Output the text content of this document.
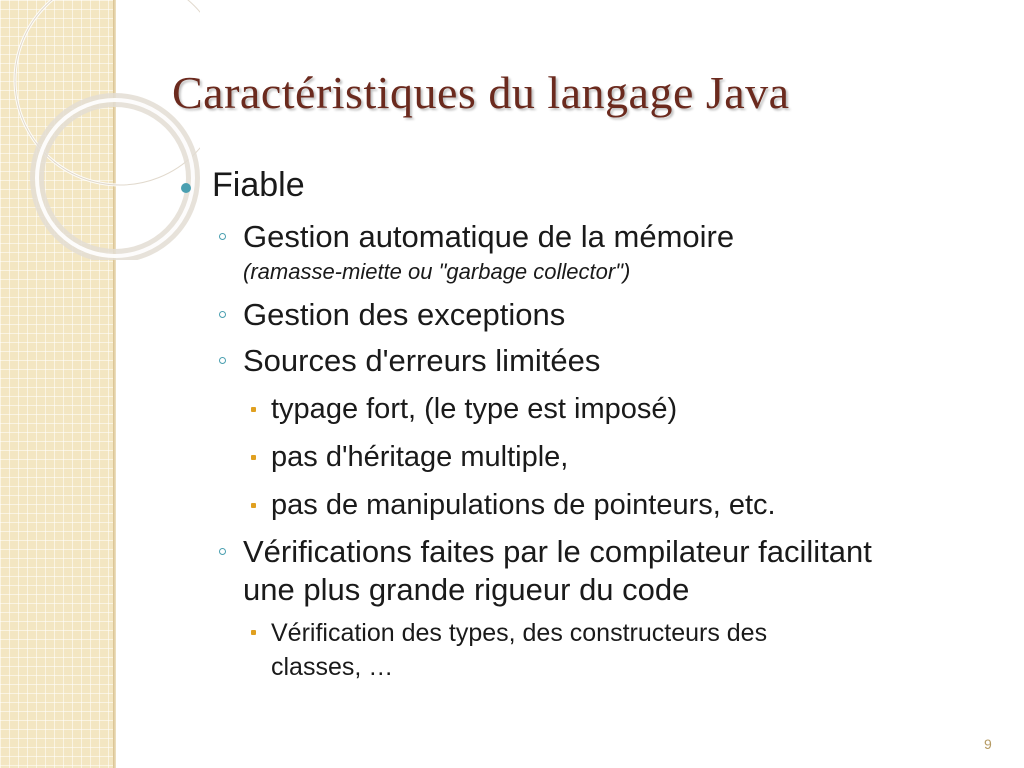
Caractéristiques du langage Java
Fiable
Gestion automatique de la mémoire
(ramasse-miette ou "garbage collector")
Gestion des exceptions
Sources d'erreurs limitées
typage fort, (le type est imposé)
pas d'héritage multiple,
pas de manipulations de pointeurs, etc.
Vérifications faites par le compilateur facilitant
une plus grande rigueur du code
Vérification des types, des constructeurs des
classes, …
9
